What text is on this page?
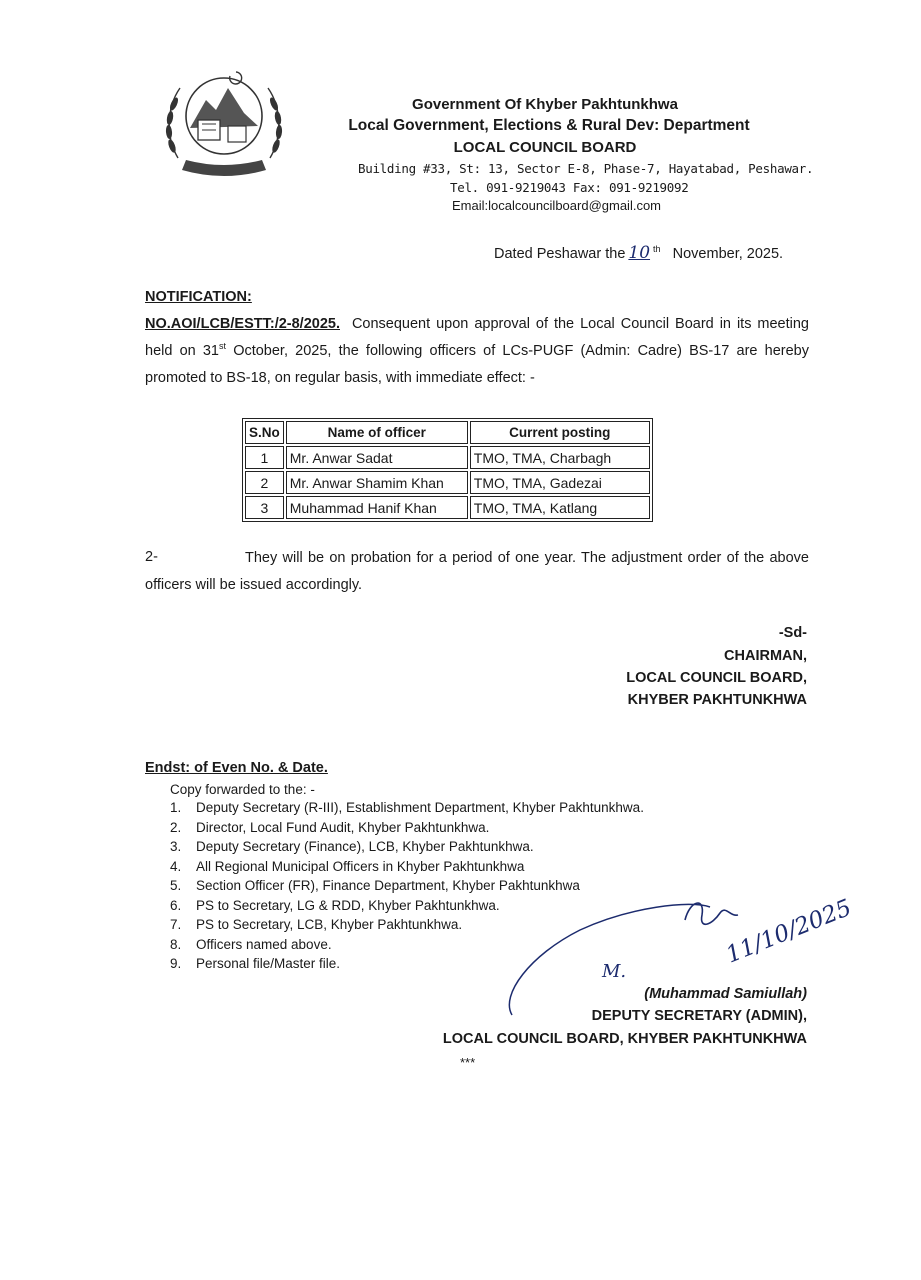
Government Of Khyber Pakhtunkhwa
Local Government, Elections & Rural Dev: Department
LOCAL COUNCIL BOARD
Building #33, St: 13, Sector E-8, Phase-7, Hayatabad, Peshawar.
Tel. 091-9219043 Fax: 091-9219092
Email:localcouncilboard@gmail.com
Dated Peshawar the 10 $^{th}$ November, 2025.
NOTIFICATION:
NO.AOI/LCB/ESTT:/2-8/2025. Consequent upon approval of the Local Council Board in its meeting held on 31st October, 2025, the following officers of LCs-PUGF (Admin: Cadre) BS-17 are hereby promoted to BS-18, on regular basis, with immediate effect: -
S.No	Name of officer	Current posting
1	Mr. Anwar Sadat	TMO, TMA, Charbagh
2	Mr. Anwar Shamim Khan	TMO, TMA, Gadezai
3	Muhammad Hanif Khan	TMO, TMA, Katlang
2-	They will be on probation for a period of one year. The adjustment order of the above officers will be issued accordingly.
-Sd-
CHAIRMAN,
LOCAL COUNCIL BOARD,
KHYBER PAKHTUNKHWA
Endst: of Even No. & Date.
Copy forwarded to the: -
1. Deputy Secretary (R-III), Establishment Department, Khyber Pakhtunkhwa.
2. Director, Local Fund Audit, Khyber Pakhtunkhwa.
3. Deputy Secretary (Finance), LCB, Khyber Pakhtunkhwa.
4. All Regional Municipal Officers in Khyber Pakhtunkhwa
5. Section Officer (FR), Finance Department, Khyber Pakhtunkhwa
6. PS to Secretary, LG & RDD, Khyber Pakhtunkhwa.
7. PS to Secretary, LCB, Khyber Pakhtunkhwa.
8. Officers named above.
9. Personal file/Master file.	M.
11/10/2025
(Muhammad Samiullah)
DEPUTY SECRETARY (ADMIN),
LOCAL COUNCIL BOARD, KHYBER PAKHTUNKHWA
***
